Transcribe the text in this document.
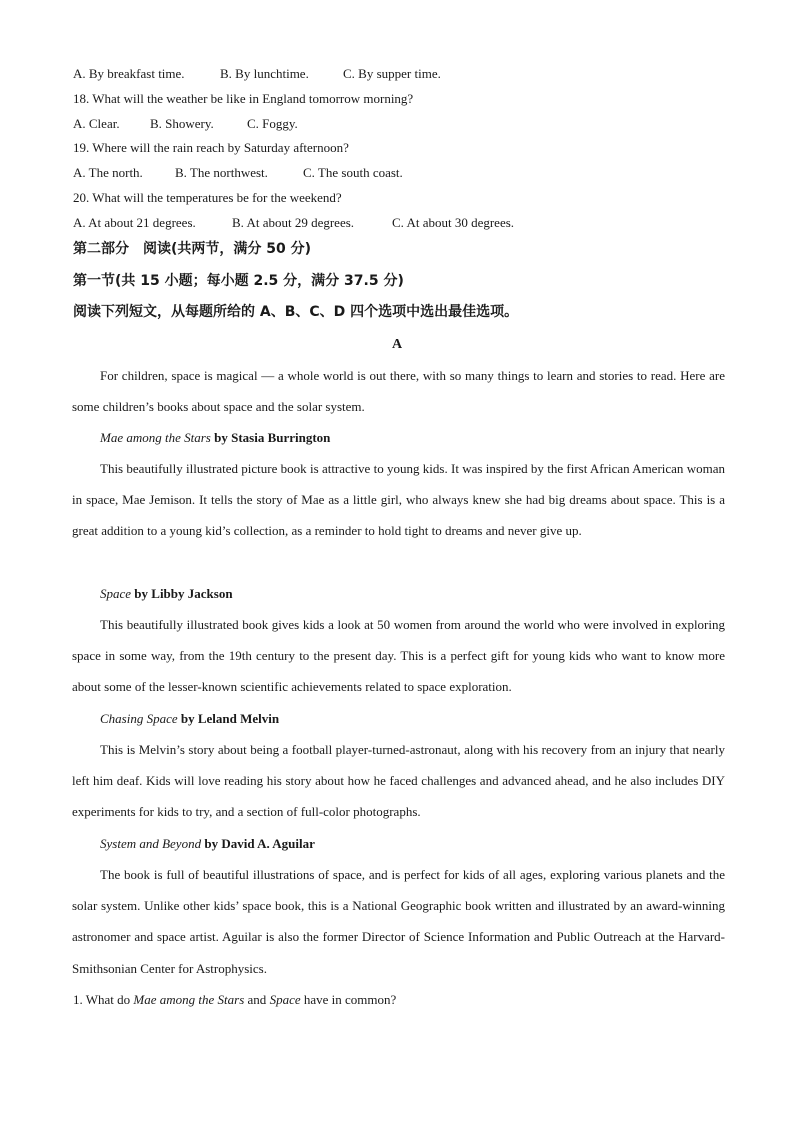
A. By breakfast time.	B. By lunchtime.	C. By supper time.
18. What will the weather be like in England tomorrow morning?
A. Clear. B. Showery.	C. Foggy.
19. Where will the rain reach by Saturday afternoon?
A. The north. B. The northwest.	C. The south coast.
20. What will the temperatures be for the weekend?
A. At about 21 degrees.	B. At about 29 degrees.	C. At about 30 degrees.
第二部分　阅读(共两节，满分 50 分)
第一节(共 15 小题；每小题 2.5 分，满分 37.5 分)
阅读下列短文，从每题所给的 A、B、C、D 四个选项中选出最佳选项。
A

For children, space is magical — a whole world is out there, with so many things to learn and stories to read. Here are some children’s books about space and the solar system.

Mae among the Stars by Stasia Burrington

This beautifully illustrated picture book is attractive to young kids. It was inspired by the first African American woman in space, Mae Jemison. It tells the story of Mae as a little girl, who always knew she had big dreams about space. This is a great addition to a young kid’s collection, as a reminder to hold tight to dreams and never give up.

Space by Libby Jackson

This beautifully illustrated book gives kids a look at 50 women from around the world who were involved in exploring space in some way, from the 19th century to the present day. This is a perfect gift for young kids who want to know more about some of the lesser-known scientific achievements related to space exploration.

Chasing Space by Leland Melvin

This is Melvin’s story about being a football player-turned-astronaut, along with his recovery from an injury that nearly left him deaf. Kids will love reading his story about how he faced challenges and advanced ahead, and he also includes DIY experiments for kids to try, and a section of full-color photographs.

System and Beyond by David A. Aguilar

The book is full of beautiful illustrations of space, and is perfect for kids of all ages, exploring various planets and the solar system. Unlike other kids’ space book, this is a National Geographic book written and illustrated by an award-winning astronomer and space artist. Aguilar is also the former Director of Science Information and Public Outreach at the Harvard-Smithsonian Center for Astrophysics.

1. What do Mae among the Stars and Space have in common?
